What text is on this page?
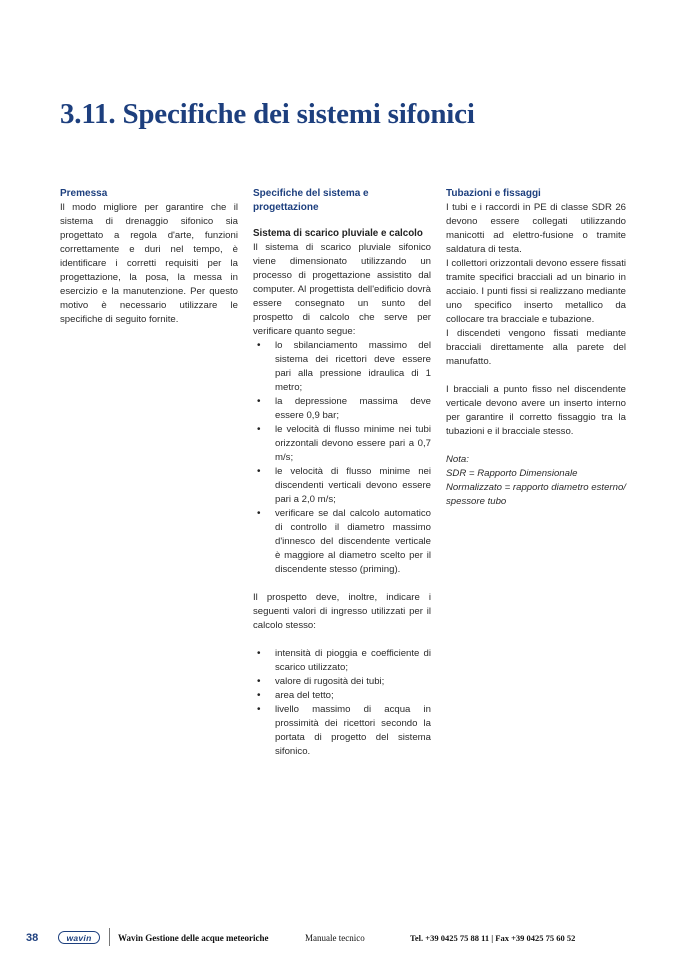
3.11. Specifiche dei sistemi sifonici
Premessa

Il modo migliore per garantire che il sistema di drenaggio sifonico sia progettato a regola d'arte, funzioni correttamente e duri nel tempo, è identificare i corretti requisiti per la progettazione, la posa, la messa in esercizio e la manutenzione. Per questo motivo è necessario utilizzare le specifiche di seguito fornite.

Specifiche del sistema e progettazione
Sistema di scarico pluviale e calcolo

Il sistema di scarico pluviale sifonico viene dimensionato utilizzando un processo di progettazione assistito dal computer. Al progettista dell'edificio dovrà essere consegnato un sunto del prospetto di calcolo che serve per verificare quanto segue:

• lo sbilanciamento massimo del sistema dei ricettori deve essere pari alla pressione idraulica di 1 metro;
• la depressione massima deve essere 0,9 bar;
• le velocità di flusso minime nei tubi orizzontali devono essere pari a 0,7 m/s;
• le velocità di flusso minime nei discendenti verticali devono essere pari a 2,0 m/s;
• verificare se dal calcolo automatico di controllo il diametro massimo d'innesco del discendente verticale è maggiore al diametro scelto per il discendente stesso (priming).

Il prospetto deve, inoltre, indicare i seguenti valori di ingresso utilizzati per il calcolo stesso:

• intensità di pioggia e coefficiente di scarico utilizzato;
• valore di rugosità dei tubi;
• area del tetto;
• livello massimo di acqua in prossimità dei ricettori secondo la portata di progetto del sistema sifonico.
Tubazioni e fissaggi

I tubi e i raccordi in PE di classe SDR 26 devono essere collegati utilizzando manicotti ad elettro-fusione o tramite saldatura di testa.

I collettori orizzontali devono essere fissati tramite specifici bracciali ad un binario in acciaio. I punti fissi si realizzano mediante uno specifico inserto metallico da collocare tra bracciale e tubazione.

I discendeti vengono fissati mediante bracciali direttamente alla parete del manufatto.

I bracciali a punto fisso nel discendente verticale devono avere un inserto interno per garantire il corretto fissaggio tra la tubazioni e il bracciale stesso.

Nota:

SDR = Rapporto Dimensionale

Normalizzato = rapporto diametro esterno/ spessore tubo

38	wavin	Wavin Gestione delle acque meteoriche	Manuale tecnico	Tel. +39 0425 75 88 11 | Fax +39 0425 75 60 52
